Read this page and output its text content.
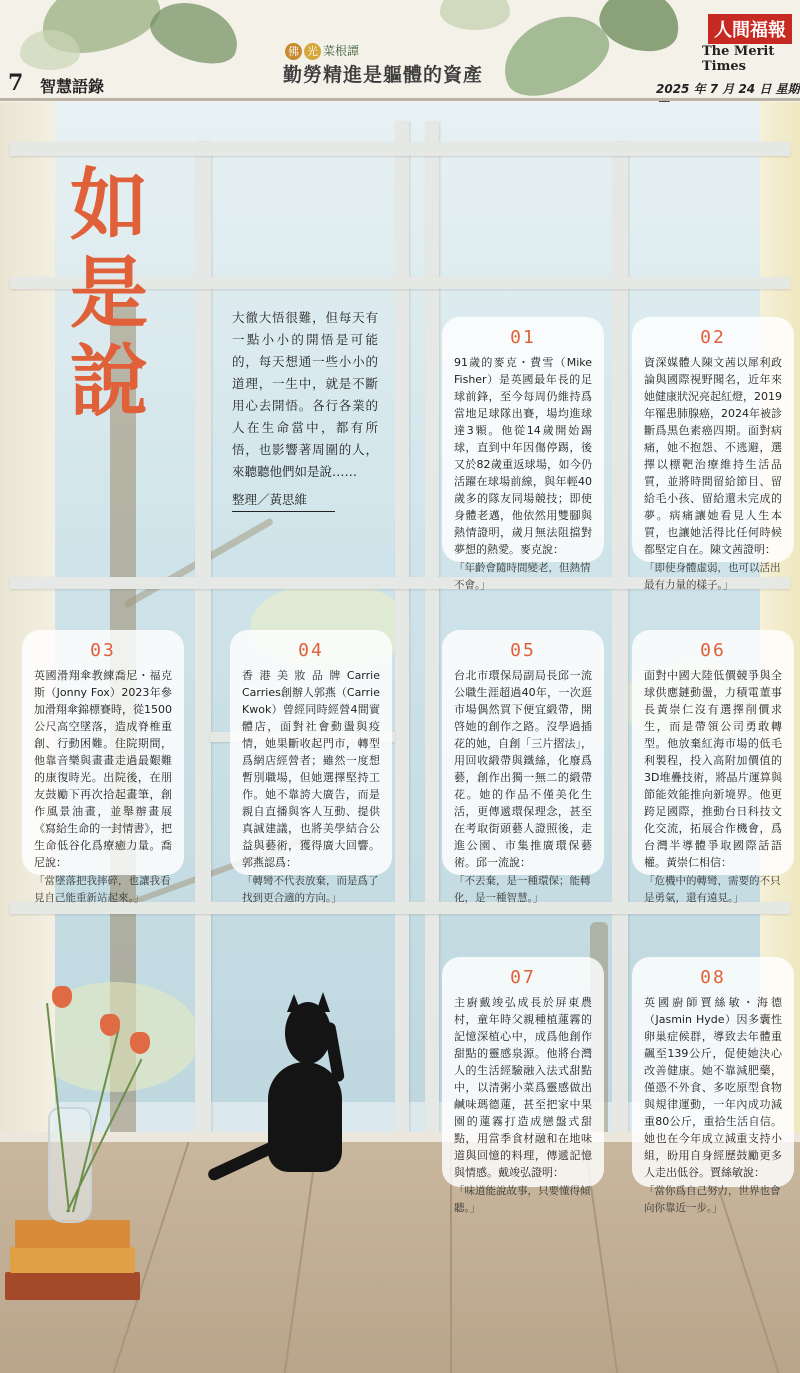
7 智慧語錄
佛 光 菜根譚
勤勞精進是軀體的資產
人間福報
The Merit Times
2025 年 7 月 24 日 星期
如是說
大徹大悟很難，但每天有一點小小的開悟是可能的，每天想通一些小小的道理，一生中，就是不斷用心去開悟。各行各業的人在生命當中，都有所悟，也影響著周圍的人，來聽聽他們如是說……
整理／黃思維
01
91歲的麥克・費雪（Mike Fisher）是英國最年長的足球前鋒，至今每周仍維持爲當地足球隊出賽，場均進球達3顆。他從14歲開始踢球，直到中年因傷停踢，後又於82歲重返球場，如今仍活躍在球場前線，與年輕40歲多的隊友同場競技；即使身體老邁，他依然用雙腳與熱情證明，歲月無法阻擋對夢想的熱愛。麥克說：
「年齡會隨時間變老，但熱情不會。」
02
資深媒體人陳文茜以犀利政論與國際視野聞名，近年來她健康狀況亮起紅燈，2019年罹患肺腺癌，2024年被診斷爲黑色素癌四期。面對病痛，她不抱怨、不逃避，選擇以標靶治療維持生活品質，並將時間留給節目、留給毛小孩、留給還未完成的夢。病痛讓她看見人生本質，也讓她活得比任何時候都堅定自在。陳文茜證明：
「即使身體虛弱，也可以活出最有力量的樣子。」
03
英國滑翔傘教練喬尼・福克斯（Jonny Fox）2023年參加滑翔傘錦標賽時，從1500公尺高空墜落，造成脊椎重創、行動困難。住院期間，他靠音樂與畫畫走過最艱難的康復時光。出院後，在朋友鼓勵下再次拾起畫筆，創作風景油畫，並舉辦畫展《寫給生命的一封情書》，把生命低谷化爲療癒力量。喬尼說：
「當墜落把我摔碎，也讓我看見自己能重新站起來。」
04
香港美妝品牌Carrie Carries創辦人郭燕（Carrie Kwok）曾經同時經營4間實體店，面對社會動盪與疫情，她果斷收起門市，轉型爲網店經營者；雖然一度想暫別職場，但她選擇堅持工作。她不靠誇大廣告，而是親自直播與客人互動、提供真誠建議，也將美學結合公益與藝術，獲得廣大回響。郭燕認爲：
「轉彎不代表放棄，而是爲了找到更合適的方向。」
05
台北市環保局副局長邱一流公職生涯超過40年，一次逛市場偶然買下便宜緞帶，開啓她的創作之路。沒學過插花的她，自創「三片摺法」，用回收緞帶與鐵絲，化廢爲藝，創作出獨一無二的緞帶花。她的作品不僅美化生活，更傳遞環保理念，甚至在考取街頭藝人證照後，走進公園、市集推廣環保藝術。邱一流說：
「不丟棄，是一種環保；能轉化，是一種智慧。」
06
面對中國大陸低價競爭與全球供應鏈動盪，力積電董事長黃崇仁沒有選擇削價求生，而是帶領公司勇敢轉型。他放棄紅海市場的低毛利製程，投入高附加價值的3D堆疊技術，將晶片運算與節能效能推向新境界。他更跨足國際，推動台日科技文化交流，拓展合作機會，爲台灣半導體爭取國際話語權。黃崇仁相信：
「危機中的轉彎，需要的不只是勇氣，還有遠見。」
07
主廚戴竣弘成長於屏東農村，童年時父親種植蓮霧的記憶深植心中，成爲他創作甜點的靈感泉源。他將台灣人的生活經驗融入法式甜點中，以清粥小菜爲靈感做出鹹味瑪德蓮，甚至把家中果園的蓮霧打造成戀盤式甜點，用當季食材融和在地味道與回憶的料理，傳遞記憶與情感。戴竣弘證明：
「味道能說故事，只要懂得傾聽。」
08
英國廚師賈絲敏・海德（Jasmin Hyde）因多囊性卵巢症候群，導致去年體重飆至139公斤，促使她決心改善健康。她不靠減肥藥，僅憑不外食、多吃原型食物與規律運動，一年內成功減重80公斤，重拾生活自信。她也在今年成立減重支持小組，盼用自身經歷鼓勵更多人走出低谷。賈絲敏說：
「當你爲自己努力，世界也會向你靠近一步。」
